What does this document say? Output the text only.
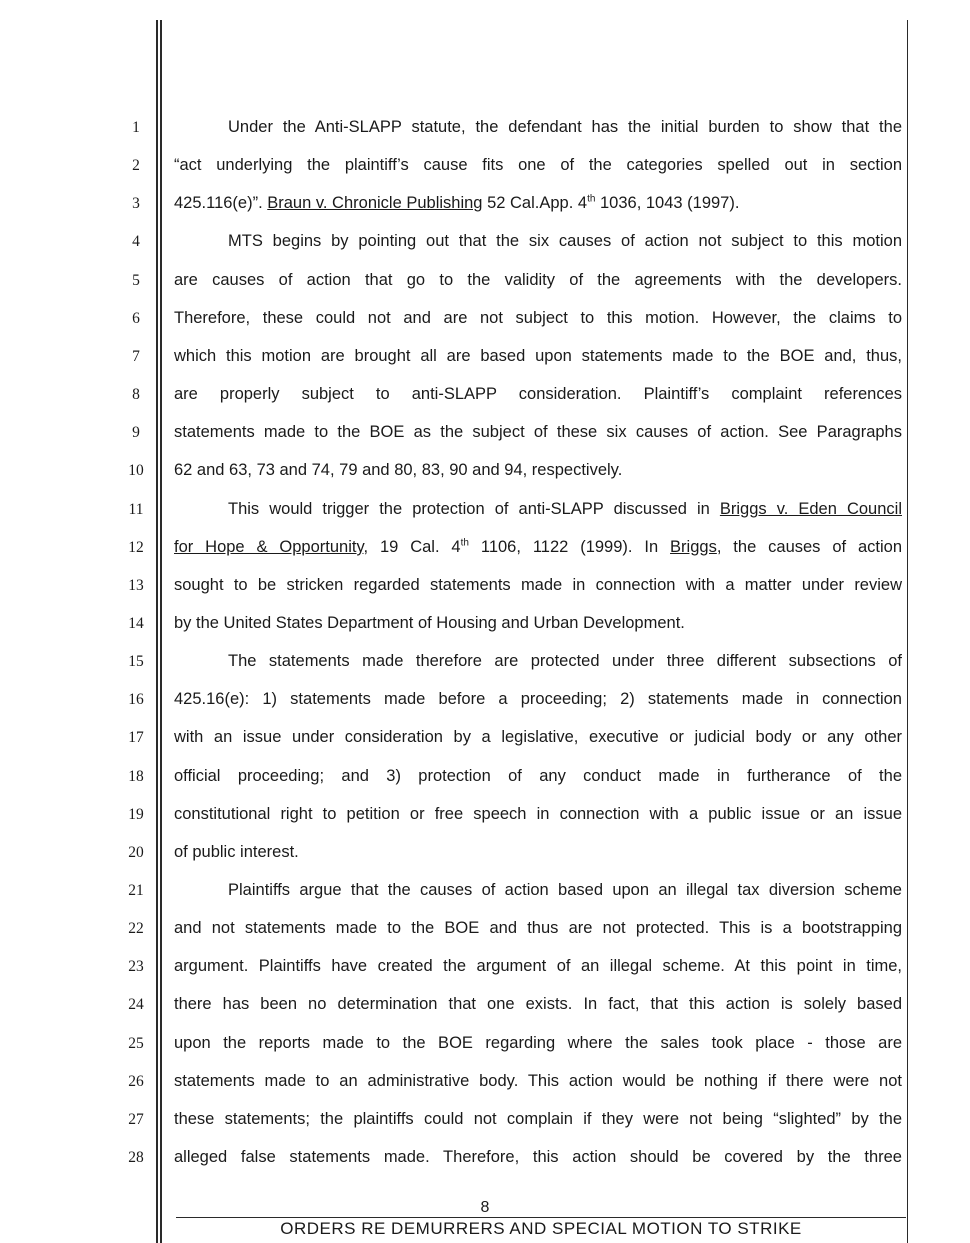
1	Under the Anti-SLAPP statute, the defendant has the initial burden to show that the
2	“act underlying the plaintiff’s cause fits one of the categories spelled out in section
3	425.116(e)”. Braun v. Chronicle Publishing 52 Cal.App. 4th 1036, 1043 (1997).
4	MTS begins by pointing out that the six causes of action not subject to this motion
5	are causes of action that go to the validity of the agreements with the developers.
6	Therefore, these could not and are not subject to this motion. However, the claims to
7	which this motion are brought all are based upon statements made to the BOE and, thus,
8	are properly subject to anti-SLAPP consideration. Plaintiff’s complaint references
9	statements made to the BOE as the subject of these six causes of action. See Paragraphs
10	62 and 63, 73 and 74, 79 and 80, 83, 90 and 94, respectively.
11	This would trigger the protection of anti-SLAPP discussed in Briggs v. Eden Council
12	for Hope & Opportunity, 19 Cal. 4th 1106, 1122 (1999). In Briggs, the causes of action
13	sought to be stricken regarded statements made in connection with a matter under review
14	by the United States Department of Housing and Urban Development.
15	The statements made therefore are protected under three different subsections of
16	425.16(e): 1) statements made before a proceeding; 2) statements made in connection
17	with an issue under consideration by a legislative, executive or judicial body or any other
18	official proceeding; and 3) protection of any conduct made in furtherance of the
19	constitutional right to petition or free speech in connection with a public issue or an issue
20	of public interest.
21	Plaintiffs argue that the causes of action based upon an illegal tax diversion scheme
22	and not statements made to the BOE and thus are not protected. This is a bootstrapping
23	argument. Plaintiffs have created the argument of an illegal scheme. At this point in time,
24	there has been no determination that one exists. In fact, that this action is solely based
25	upon the reports made to the BOE regarding where the sales took place - those are
26	statements made to an administrative body. This action would be nothing if there were not
27	these statements; the plaintiffs could not complain if they were not being “slighted” by the
28	alleged false statements made. Therefore, this action should be covered by the three
8
ORDERS RE DEMURRERS AND SPECIAL MOTION TO STRIKE
